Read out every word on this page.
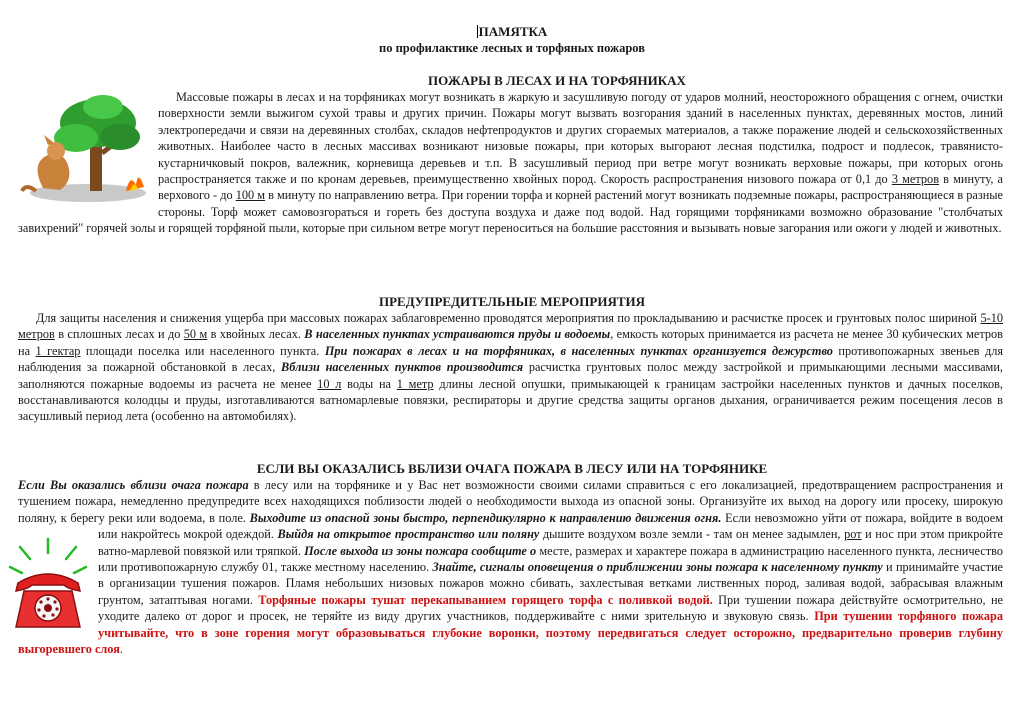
ПАМЯТКА
по профилактике лесных и торфяных пожаров
ПОЖАРЫ В ЛЕСАХ И НА ТОРФЯНИКАХ

Массовые пожары в лесах и на торфяниках могут возникать в жаркую и засушливую погоду от ударов молний, неосторожного обращения с огнем, очистки поверхности земли выжигом сухой травы и других причин. Пожары могут вызвать возгорания зданий в населенных пунктах, деревянных мостов, линий электропередачи и связи на деревянных столбах, складов нефтепродуктов и других сгораемых материалов, а также поражение людей и сельскохозяйственных животных. Наиболее часто в лесных массивах возникают низовые пожары, при которых выгорают лесная подстилка, подрост и подлесок, травянисто-кустарничковый покров, валежник, корневища деревьев и т.п. В засушливый период при ветре могут возникать верховые пожары, при которых огонь распространяется также и по кронам деревьев, преимущественно хвойных пород. Скорость распространения низового пожара от 0,1 до 3 метров в минуту, а верхового - до 100 м в минуту по направлению ветра. При горении торфа и корней растений могут возникать подземные пожары, распространяющиеся в разные стороны. Торф может самовозгораться и гореть без доступа воздуха и даже под водой. Над горящими торфяниками возможно образование "столбчатых завихрений" горячей золы и горящей торфяной пыли, которые при сильном ветре могут переноситься на большие расстояния и вызывать новые загорания или ожоги у людей и животных.

ПРЕДУПРЕДИТЕЛЬНЫЕ МЕРОПРИЯТИЯ

Для защиты населения и снижения ущерба при массовых пожарах заблаговременно проводятся мероприятия по прокладыванию и расчистке просек и грунтовых полос шириной 5-10 метров в сплошных лесах и до 50 м в хвойных лесах. В населенных пунктах устраиваются пруды и водоемы, емкость которых принимается из расчета не менее 30 кубических метров на 1 гектар площади поселка или населенного пункта. При пожарах в лесах и на торфяниках, в населенных пунктах организуется дежурство противопожарных звеньев для наблюдения за пожарной обстановкой в лесах, Вблизи населенных пунктов производится расчистка грунтовых полос между застройкой и примыкающими лесными массивами, заполняются пожарные водоемы из расчета не менее 10 л воды на 1 метр длины лесной опушки, примыкающей к границам застройки населенных пунктов и дачных поселков, восстанавливаются колодцы и пруды, изготавливаются ватномарлевые повязки, респираторы и другие средства защиты органов дыхания, ограничивается режим посещения лесов в засушливый период лета (особенно на автомобилях).

ЕСЛИ ВЫ ОКАЗАЛИСЬ ВБЛИЗИ ОЧАГА ПОЖАРА В ЛЕСУ ИЛИ НА ТОРФЯНИКЕ

Если Вы оказались вблизи очага пожара в лесу или на торфянике и у Вас нет возможности своими силами справиться с его локализацией, предотвращением распространения и тушением пожара, немедленно предупредите всех находящихся поблизости людей о необходимости выхода из опасной зоны. Организуйте их выход на дорогу или просеку, широкую поляну, к берегу реки или водоема, в поле. Выходите из опасной зоны быстро, перпендикулярно к направлению движения огня. Если невозможно уйти от пожара, войдите в водоем или накройтесь мокрой одеждой. Выйдя на открытое пространство или поляну дышите воздухом возле земли - там он менее задымлен, рот и нос при этом прикройте ватно-марлевой повязкой или тряпкой. После выхода из зоны пожара сообщите о месте, размерах и характере пожара в администрацию населенного пункта, лесничество или противопожарную службу 01, также местному населению. Знайте, сигналы оповещения о приближении зоны пожара к населенному пункту и принимайте участие в организации тушения пожаров. Пламя небольших низовых пожаров можно сбивать, захлестывая ветками лиственных пород, заливая водой, забрасывая влажным грунтом, затаптывая ногами. Торфяные пожары тушат перекапыванием горящего торфа с поливкой водой. При тушении пожара действуйте осмотрительно, не уходите далеко от дорог и просек, не теряйте из виду других участников, поддерживайте с ними зрительную и звуковую связь. При тушении торфяного пожара учитывайте, что в зоне горения могут образовываться глубокие воронки, поэтому передвигаться следует осторожно, предварительно проверив глубину выгоревшего слоя.
